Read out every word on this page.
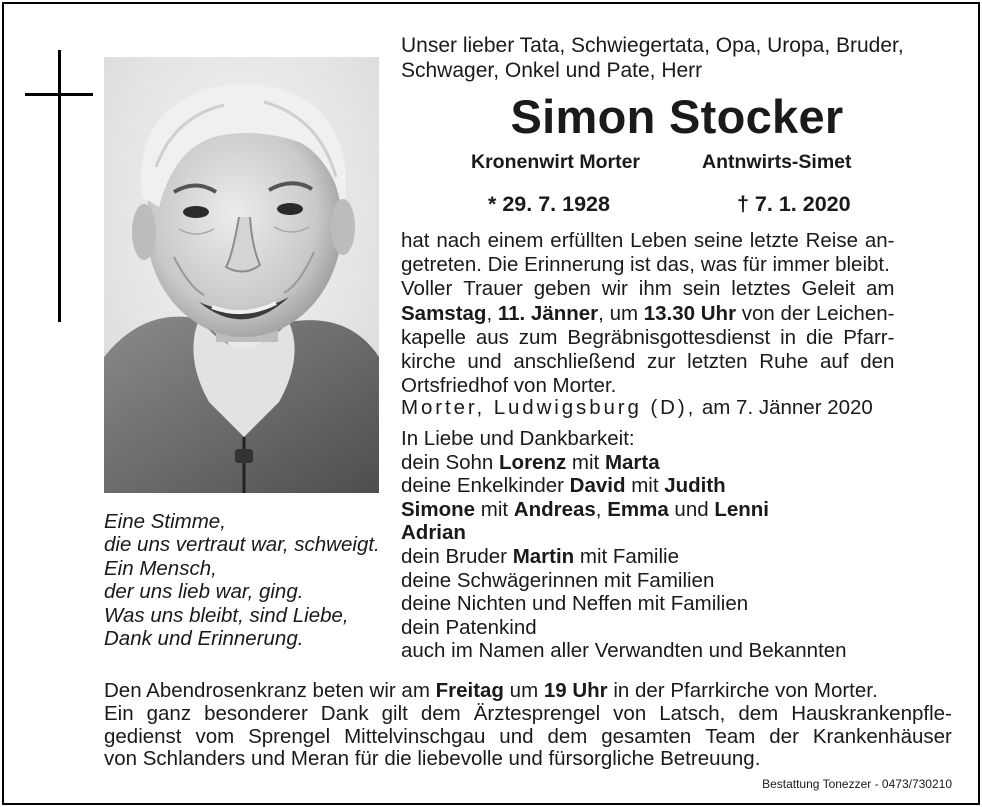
Eine Stimme,
die uns vertraut war, schweigt.
Ein Mensch,
der uns lieb war, ging.
Was uns bleibt, sind Liebe,
Dank und Erinnerung.
Unser lieber Tata, Schwiegertata, Opa, Uropa, Bruder,
Schwager, Onkel und Pate, Herr
Simon Stocker
Kronenwirt Morter	Antnwirts-Simet
* 29. 7. 1928	† 7. 1. 2020
hat nach einem erfüllten Leben seine letzte Reise an-
getreten. Die Erinnerung ist das, was für immer bleibt.
Voller Trauer geben wir ihm sein letztes Geleit am
Samstag, 11. Jänner, um 13.30 Uhr von der Leichen-
kapelle aus zum Begräbnisgottesdienst in die Pfarr-
kirche und anschließend zur letzten Ruhe auf den
Ortsfriedhof von Morter.
Morter, Ludwigsburg (D), am 7. Jänner 2020
In Liebe und Dankbarkeit:
dein Sohn Lorenz mit Marta
deine Enkelkinder David mit Judith
Simone mit Andreas, Emma und Lenni
Adrian
dein Bruder Martin mit Familie
deine Schwägerinnen mit Familien
deine Nichten und Neffen mit Familien
dein Patenkind
auch im Namen aller Verwandten und Bekannten
Den Abendrosenkranz beten wir am Freitag um 19 Uhr in der Pfarrkirche von Morter.
Ein ganz besonderer Dank gilt dem Ärztesprengel von Latsch, dem Hauskrankenpfle-
gedienst vom Sprengel Mittelvinschgau und dem gesamten Team der Krankenhäuser
von Schlanders und Meran für die liebevolle und fürsorgliche Betreuung.
Bestattung Tonezzer - 0473/730210
